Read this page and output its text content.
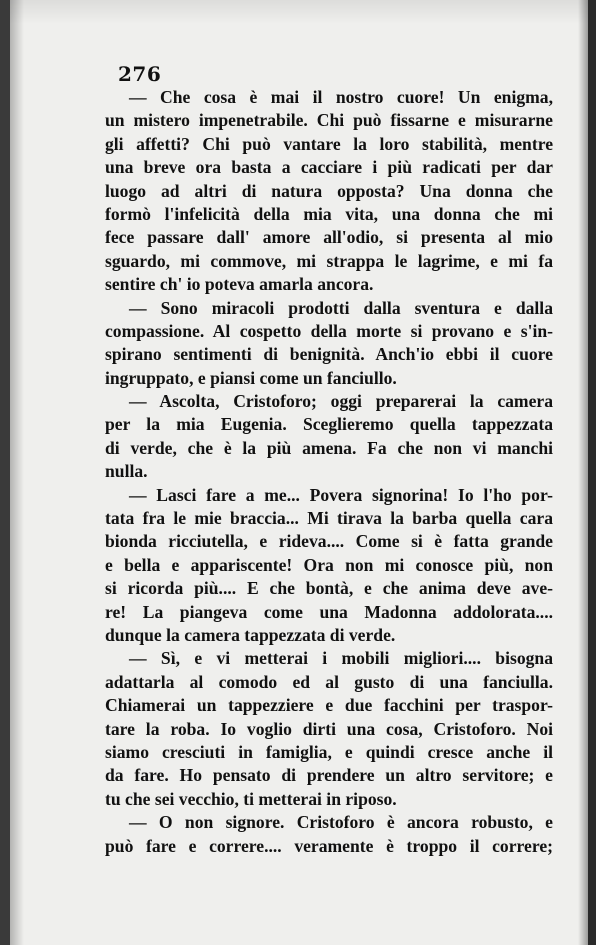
276
— Che cosa è mai il nostro cuore! Un enigma,
un mistero impenetrabile. Chi può fissarne e misurarne
gli affetti? Chi può vantare la loro stabilità, mentre
una breve ora basta a cacciare i più radicati per dar
luogo ad altri di natura opposta? Una donna che
formò l'infelicità della mia vita, una donna che mi
fece passare dall' amore all'odio, si presenta al mio
sguardo, mi commove, mi strappa le lagrime, e mi fa
sentire ch' io poteva amarla ancora.
— Sono miracoli prodotti dalla sventura e dalla
compassione. Al cospetto della morte si provano e s'in-
spirano sentimenti di benignità. Anch'io ebbi il cuore
ingruppato, e piansi come un fanciullo.
— Ascolta, Cristoforo; oggi preparerai la camera
per la mia Eugenia. Sceglieremo quella tappezzata
di verde, che è la più amena. Fa che non vi manchi
nulla.
— Lasci fare a me... Povera signorina! Io l'ho por-
tata fra le mie braccia... Mi tirava la barba quella cara
bionda ricciutella, e rideva.... Come si è fatta grande
e bella e appariscente! Ora non mi conosce più, non
si ricorda più.... E che bontà, e che anima deve ave-
re! La piangeva come una Madonna addolorata....
dunque la camera tappezzata di verde.
— Sì, e vi metterai i mobili migliori.... bisogna
adattarla al comodo ed al gusto di una fanciulla.
Chiamerai un tappezziere e due facchini per traspor-
tare la roba. Io voglio dirti una cosa, Cristoforo. Noi
siamo cresciuti in famiglia, e quindi cresce anche il
da fare. Ho pensato di prendere un altro servitore; e
tu che sei vecchio, ti metterai in riposo.
— O non signore. Cristoforo è ancora robusto, e
può fare e correre.... veramente è troppo il correre;
